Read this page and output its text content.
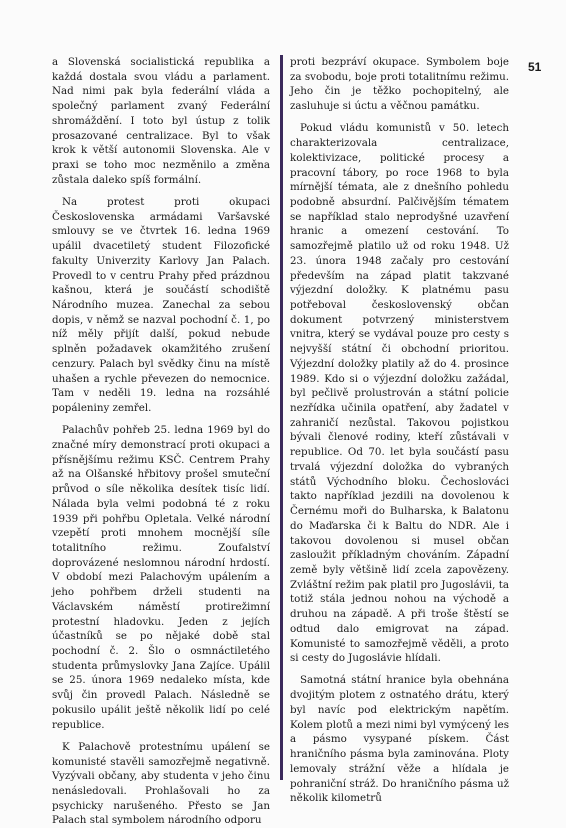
51

a Slovenská socialistická republika a každá dostala svou vládu a parlament. Nad nimi pak byla federální vláda a společný parlament zvaný Federální shromáždění. I toto byl ústup z tolik prosazované centralizace. Byl to však krok k větší autonomii Slovenska. Ale v praxi se toho moc nezměnilo a změna zůstala daleko spíš formální.

Na protest proti okupaci Československa armádami Varšavské smlouvy se ve čtvrtek 16. ledna 1969 upálil dvacetiletý student Filozofické fakulty Univerzity Karlovy Jan Palach. Provedl to v centru Prahy před prázdnou kašnou, která je součástí schodiště Národního muzea. Zanechal za sebou dopis, v němž se nazval pochodní č. 1, po níž měly přijít další, pokud nebude splněn požadavek okamžitého zrušení cenzury. Palach byl svědky činu na místě uhašen a rychle převezen do nemocnice. Tam v neděli 19. ledna na rozsáhlé popáleniny zemřel.

Palachův pohřeb 25. ledna 1969 byl do značné míry demonstrací proti okupaci a přísnějšímu režimu KSČ. Centrem Prahy až na Olšanské hřbitovy prošel smuteční průvod o síle několika desítek tisíc lidí. Nálada byla velmi podobná té z roku 1939 při pohřbu Opletala. Velké národní vzepětí proti mnohem mocnější síle totalitního režimu. Zoufalství doprovázené neslomnou národní hrdostí. V období mezi Palachovým upálením a jeho pohřbem drželi studenti na Václavském náměstí protirežimní protestní hladovku. Jeden z jejích účastníků se po nějaké době stal pochodní č. 2. Šlo o osmnáctiletého studenta průmyslovky Jana Zajíce. Upálil se 25. února 1969 nedaleko místa, kde svůj čin provedl Palach. Následně se pokusilo upálit ještě několik lidí po celé republice.

K Palachově protestnímu upálení se komunisté stavěli samozřejmě negativně. Vyzývali občany, aby studenta v jeho činu nenásledovali. Prohlašovali ho za psychicky narušeného. Přesto se Jan Palach stal symbolem národního odporu

proti bezpráví okupace. Symbolem boje za svobodu, boje proti totalitnímu režimu. Jeho čin je těžko pochopitelný, ale zasluhuje si úctu a věčnou památku.

Pokud vládu komunistů v 50. letech charakterizovala centralizace, kolektivizace, politické procesy a pracovní tábory, po roce 1968 to byla mírnější témata, ale z dnešního pohledu podobně absurdní. Palčivějším tématem se například stalo neprodyšné uzavření hranic a omezení cestování. To samozřejmě platilo už od roku 1948. Už 23. února 1948 začaly pro cestování především na západ platit takzvané výjezdní doložky. K platnému pasu potřeboval československý občan dokument potvrzený ministerstvem vnitra, který se vydával pouze pro cesty s nejvyšší státní či obchodní prioritou. Výjezdní doložky platily až do 4. prosince 1989. Kdo si o výjezdní doložku zažádal, byl pečlivě prolustrován a státní policie nezřídka učinila opatření, aby žadatel v zahraničí nezůstal. Takovou pojistkou bývali členové rodiny, kteří zůstávali v republice. Od 70. let byla součástí pasu trvalá výjezdní doložka do vybraných států Východního bloku. Čechoslováci takto například jezdili na dovolenou k Černému moři do Bulharska, k Balatonu do Maďarska či k Baltu do NDR. Ale i takovou dovolenou si musel občan zasloužit příkladným chováním. Západní země byly většině lidí zcela zapovězeny. Zvláštní režim pak platil pro Jugoslávii, ta totiž stála jednou nohou na východě a druhou na západě. A při troše štěstí se odtud dalo emigrovat na západ. Komunisté to samozřejmě věděli, a proto si cesty do Jugoslávie hlídali.

Samotná státní hranice byla obehnána dvojitým plotem z ostnatého drátu, který byl navíc pod elektrickým napětím. Kolem plotů a mezi nimi byl vymýcený les a pásmo vysypané pískem. Část hraničního pásma byla zaminována. Ploty lemovaly strážní věže a hlídala je pohraniční stráž. Do hraničního pásma už několik kilometrů
